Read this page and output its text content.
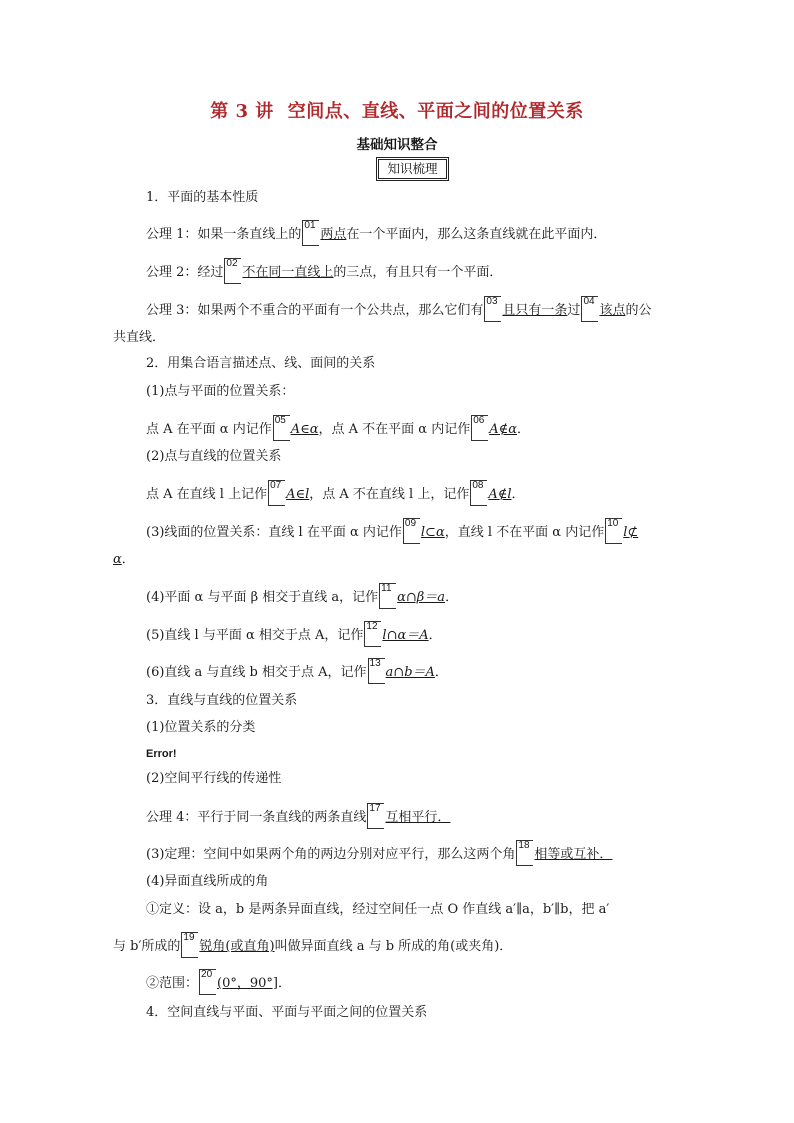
第 3 讲 空间点、直线、平面之间的位置关系
基础知识整合
知识梳理
1．平面的基本性质
公理 1：如果一条直线上的
01
两点在一个平面内，那么这条直线就在此平面内．
公理 2：经过
02
不在同一直线上的三点，有且只有一个平面．
公理 3：如果两个不重合的平面有一个公共点，那么它们有
03
且只有一条过
04
该点的公
共直线．
2．用集合语言描述点、线、面间的关系
(1)点与平面的位置关系：
点 A 在平面 α 内记作
05
A∈α，点 A 不在平面 α 内记作
06
A∉α．
(2)点与直线的位置关系
点 A 在直线 l 上记作
07
A∈l，点 A 不在直线 l 上，记作
08
A∉l．
(3)线面的位置关系：直线 l 在平面 α 内记作
09
l⊂α，直线 l 不在平面 α 内记作
10
l⊄
α．
(4)平面 α 与平面 β 相交于直线 a，记作
11
α∩β＝a．
(5)直线 l 与平面 α 相交于点 A，记作
12
l∩α＝A．
(6)直线 a 与直线 b 相交于点 A，记作
13
a∩b＝A．
3．直线与直线的位置关系
(1)位置关系的分类
Error!
(2)空间平行线的传递性
公理 4：平行于同一条直线的两条直线
17
互相平行．
(3)定理：空间中如果两个角的两边分别对应平行，那么这两个角
18
相等或互补．
(4)异面直线所成的角
①定义：设 a，b 是两条异面直线，经过空间任一点 O 作直线 a′∥a，b′∥b，把 a′
与 b′所成的
19
锐角(或直角)叫做异面直线 a 与 b 所成的角(或夹角)．
②范围：
20
(0°，90°]．
4．空间直线与平面、平面与平面之间的位置关系
